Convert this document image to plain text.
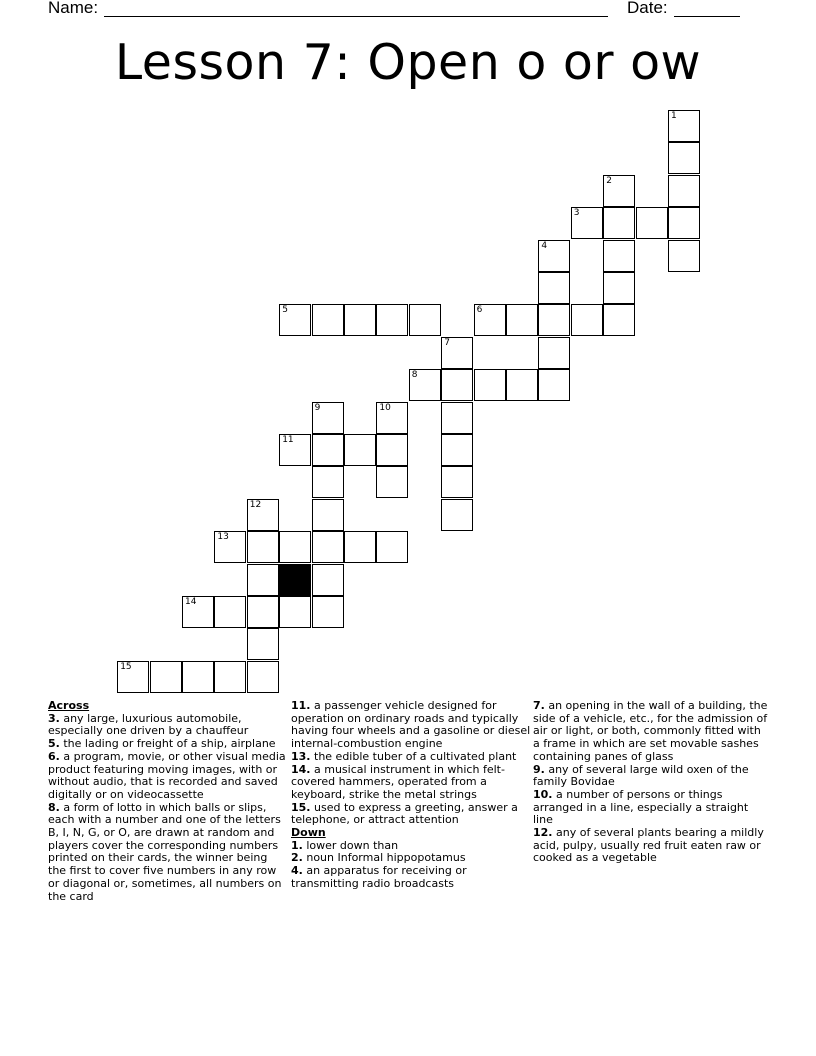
Name:	Date:
Lesson 7: Open o or ow
1
2
3
4
5	6
7
8
9	10
11
12
13
14
15
Across

3. any large, luxurious automobile, especially one driven by a chauffeur

5. the lading or freight of a ship, airplane

6. a program, movie, or other visual media product featuring moving images, with or without audio, that is recorded and saved digitally or on videocassette

8. a form of lotto in which balls or slips, each with a number and one of the letters B, I, N, G, or O, are drawn at random and players cover the corresponding numbers printed on their cards, the winner being the first to cover five numbers in any row or diagonal or, sometimes, all numbers on the card

11. a passenger vehicle designed for operation on ordinary roads and typically having four wheels and a gasoline or diesel internal-combustion engine

13. the edible tuber of a cultivated plant

14. a musical instrument in which felt-covered hammers, operated from a keyboard, strike the metal strings

15. used to express a greeting, answer a telephone, or attract attention

Down

1. lower down than

2. noun Informal hippopotamus

4. an apparatus for receiving or transmitting radio broadcasts

7. an opening in the wall of a building, the side of a vehicle, etc., for the admission of air or light, or both, commonly fitted with a frame in which are set movable sashes containing panes of glass

9. any of several large wild oxen of the family Bovidae

10. a number of persons or things arranged in a line, especially a straight line

12. any of several plants bearing a mildly acid, pulpy, usually red fruit eaten raw or cooked as a vegetable
